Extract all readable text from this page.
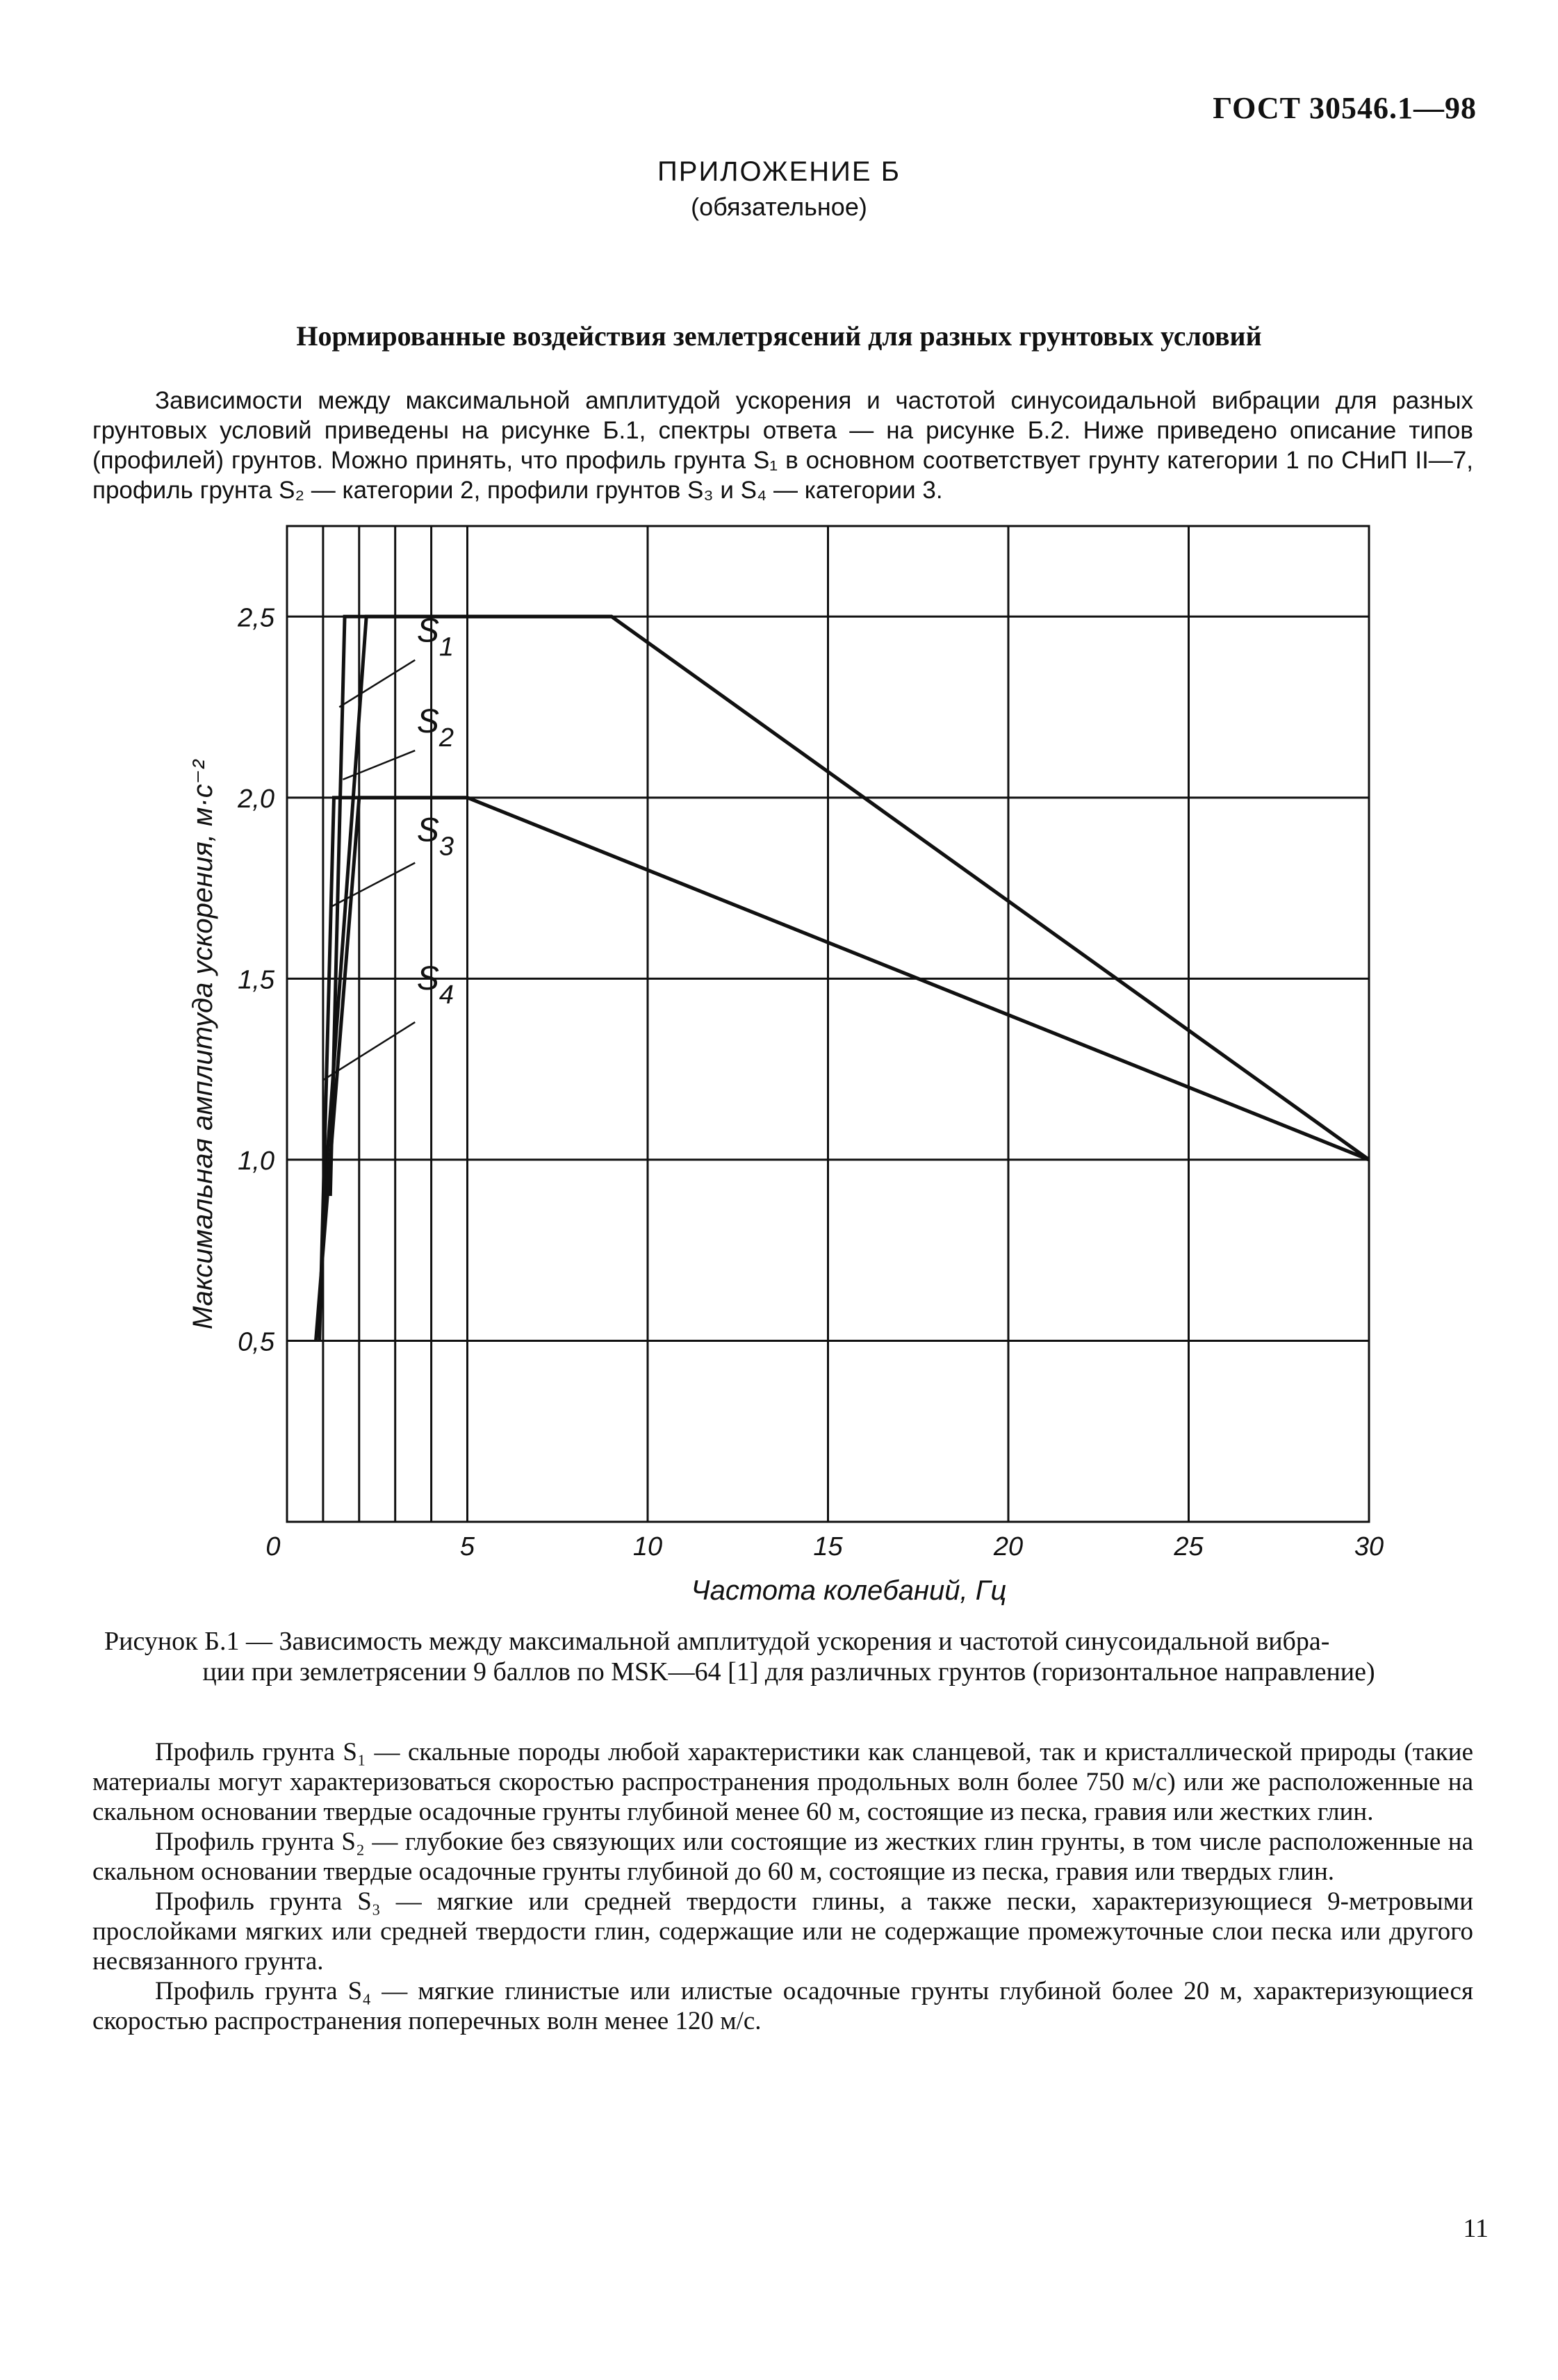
ГОСТ 30546.1—98
ПРИЛОЖЕНИЕ Б
(обязательное)
Нормированные воздействия землетрясений для разных грунтовых условий

Зависимости между максимальной амплитудой ускорения и частотой синусоидальной вибрации для разных грунтовых условий приведены на рисунке Б.1, спектры ответа — на рисунке Б.2. Ниже приведено описание типов (профилей) грунтов. Можно принять, что профиль грунта S₁ в основном соответствует грунту категории 1 по СНиП II—7, профиль грунта S₂ — категории 2, профили грунтов S₃ и S₄ — категории 3.

0	5	10	15	20	25	30
0,5
1,0
1,5
2,0
2,5
Частота колебаний, Гц
Максимальная амплитуда ускорения, м·с⁻²
$S_1$
$S_2$
$S_3$
$S_4$

Рисунок Б.1 — Зависимость между максимальной амплитудой ускорения и частотой синусоидальной вибра-
ции при землетрясении 9 баллов по MSK—64 [1] для различных грунтов (горизонтальное направление)

Профиль грунта S₁ — скальные породы любой характеристики как сланцевой, так и кристаллической природы (такие материалы могут характеризоваться скоростью распространения продольных волн более 750 м/с) или же расположенные на скальном основании твердые осадочные грунты глубиной менее 60 м, состоящие из песка, гравия или жестких глин.

Профиль грунта S₂ — глубокие без связующих или состоящие из жестких глин грунты, в том числе расположенные на скальном основании твердые осадочные грунты глубиной до 60 м, состоящие из песка, гравия или твердых глин.

Профиль грунта S₃ — мягкие или средней твердости глины, а также пески, характеризующиеся 9-метровыми прослойками мягких или средней твердости глин, содержащие или не содержащие промежуточные слои песка или другого несвязанного грунта.

Профиль грунта S₄ — мягкие глинистые или илистые осадочные грунты глубиной более 20 м, характеризующиеся скоростью распространения поперечных волн менее 120 м/с.

11
